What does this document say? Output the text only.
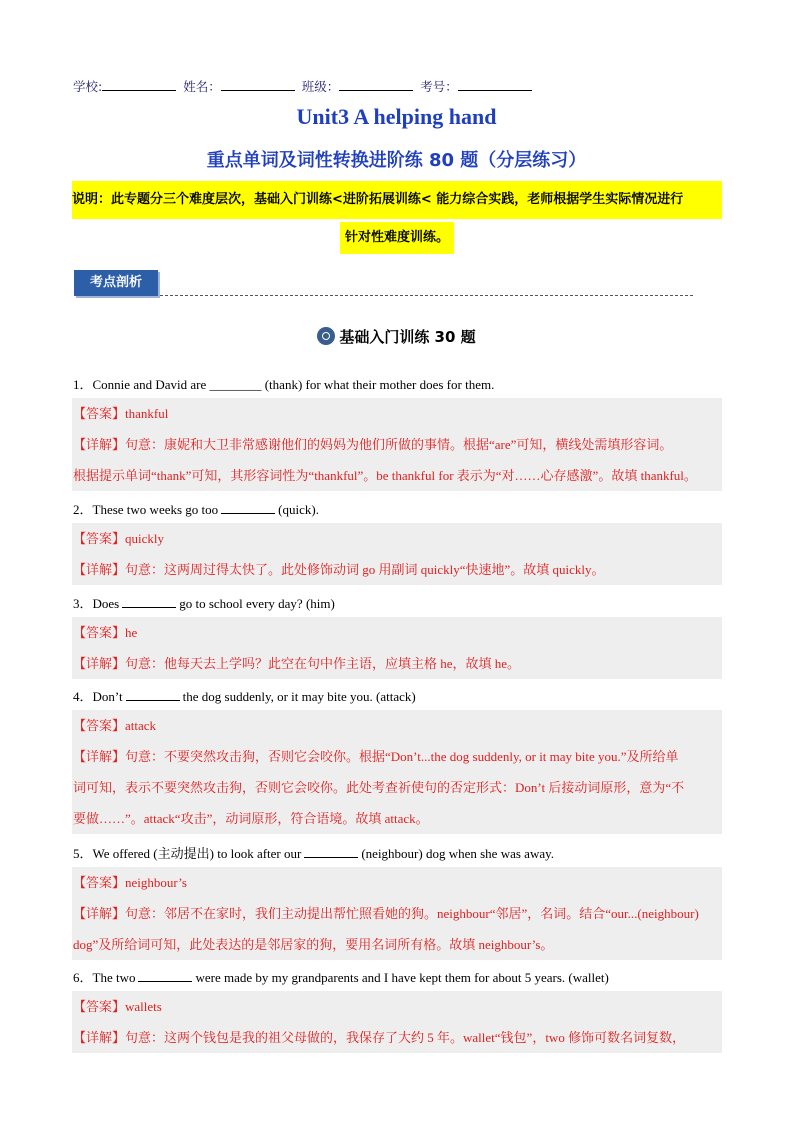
学校:	姓名：	班级：	考号：
Unit3 A helping hand
重点单词及词性转换进阶练 80 题（分层练习）
说明：此专题分三个难度层次，基础入门训练<进阶拓展训练< 能力综合实践，老师根据学生实际情况进行
针对性难度训练。
考点剖析
基础入门训练 30 题
1．Connie and David are ________ (thank) for what their mother does for them.
【答案】thankful
【详解】句意：康妮和大卫非常感谢他们的妈妈为他们所做的事情。根据“are”可知，横线处需填形容词。
根据提示单词“thank”可知，其形容词性为“thankful”。be thankful for 表示为“对……心存感激”。故填 thankful。
2．These two weeks go too	(quick).
【答案】quickly
【详解】句意：这两周过得太快了。此处修饰动词 go 用副词 quickly“快速地”。故填 quickly。
3．Does	go to school every day? (him)
【答案】he
【详解】句意：他每天去上学吗？此空在句中作主语，应填主格 he，故填 he。
4．Don’t	the dog suddenly, or it may bite you. (attack)
【答案】attack
【详解】句意：不要突然攻击狗，否则它会咬你。根据“Don’t...the dog suddenly, or it may bite you.”及所给单
词可知，表示不要突然攻击狗，否则它会咬你。此处考查祈使句的否定形式：Don’t 后接动词原形，意为“不
要做……”。attack“攻击”，动词原形，符合语境。故填 attack。
5．We offered (主动提出) to look after our	(neighbour) dog when she was away.
【答案】neighbour’s
【详解】句意：邻居不在家时，我们主动提出帮忙照看她的狗。neighbour“邻居”，名词。结合“our...(neighbour)
dog”及所给词可知，此处表达的是邻居家的狗，要用名词所有格。故填 neighbour’s。
6．The two	were made by my grandparents and I have kept them for about 5 years. (wallet)
【答案】wallets
【详解】句意：这两个钱包是我的祖父母做的，我保存了大约 5 年。wallet“钱包”，two 修饰可数名词复数，
